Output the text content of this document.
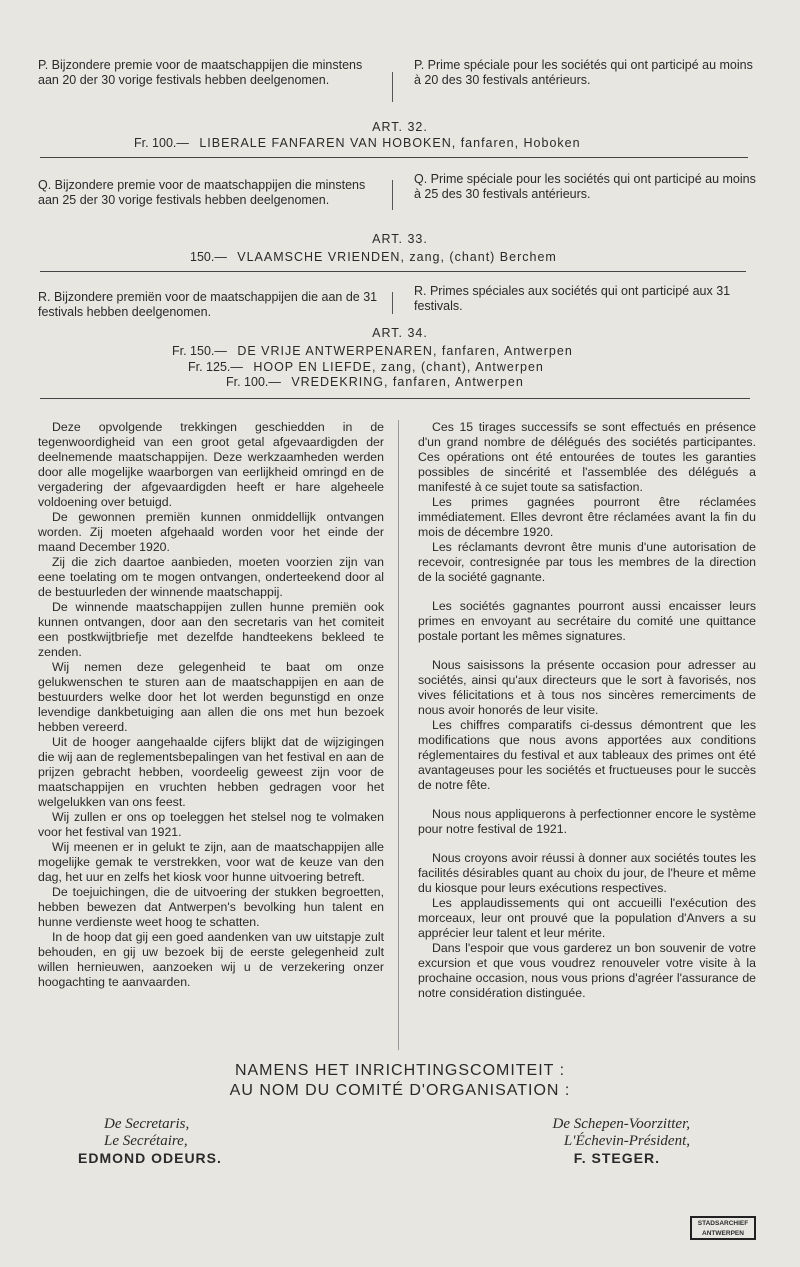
P. Bijzondere premie voor de maatschappijen die minstens aan 20 der 30 vorige festivals hebben deelgenomen.
P. Prime spéciale pour les sociétés qui ont participé au moins à 20 des 30 festivals antérieurs.
ART. 32.
Fr. 100.— LIBERALE FANFAREN VAN HOBOKEN, fanfaren, Hoboken
Q. Bijzondere premie voor de maatschappijen die minstens aan 25 der 30 vorige festivals hebben deelgenomen.
Q. Prime spéciale pour les sociétés qui ont participé au moins à 25 des 30 festivals antérieurs.
ART. 33.
150.— VLAAMSCHE VRIENDEN, zang, (chant) Berchem
R. Bijzondere premiën voor de maatschappijen die aan de 31 festivals hebben deelgenomen.
R. Primes spéciales aux sociétés qui ont participé aux 31 festivals.
ART. 34.
Fr. 150.— DE VRIJE ANTWERPENAREN, fanfaren, Antwerpen
Fr. 125.— HOOP EN LIEFDE, zang, (chant), Antwerpen
Fr. 100.— VREDEKRING, fanfaren, Antwerpen

Deze opvolgende trekkingen geschiedden in de tegenwoordigheid van een groot getal afgevaardigden der deelnemende maatschappijen. Deze werkzaamheden werden door alle mogelijke waarborgen van eerlijkheid omringd en de vergadering der afgevaardigden heeft er hare algeheele voldoening over betuigd.

De gewonnen premiën kunnen onmiddellijk ontvangen worden. Zij moeten afgehaald worden voor het einde der maand December 1920.

Zij die zich daartoe aanbieden, moeten voorzien zijn van eene toelating om te mogen ontvangen, onderteekend door al de bestuurleden der winnende maatschappij.

De winnende maatschappijen zullen hunne premiën ook kunnen ontvangen, door aan den secretaris van het comiteit een postkwijtbriefje met dezelfde handteekens bekleed te zenden.

Wij nemen deze gelegenheid te baat om onze gelukwenschen te sturen aan de maatschappijen en aan de bestuurders welke door het lot werden begunstigd en onze levendige dankbetuiging aan allen die ons met hun bezoek hebben vereerd.

Uit de hooger aangehaalde cijfers blijkt dat de wijzigingen die wij aan de reglementsbepalingen van het festival en aan de prijzen gebracht hebben, voordeelig geweest zijn voor de maatschappijen en vruchten hebben gedragen voor het welgelukken van ons feest.

Wij zullen er ons op toeleggen het stelsel nog te volmaken voor het festival van 1921.

Wij meenen er in gelukt te zijn, aan de maatschappijen alle mogelijke gemak te verstrekken, voor wat de keuze van den dag, het uur en zelfs het kiosk voor hunne uitvoering betreft.

De toejuichingen, die de uitvoering der stukken begroetten, hebben bewezen dat Antwerpen's bevolking hun talent en hunne verdienste weet hoog te schatten.

In de hoop dat gij een goed aandenken van uw uitstapje zult behouden, en gij uw bezoek bij de eerste gelegenheid zult willen hernieuwen, aanzoeken wij u de verzekering onzer hoogachting te aanvaarden.

Ces 15 tirages successifs se sont effectués en présence d'un grand nombre de délégués des sociétés participantes. Ces opérations ont été entourées de toutes les garanties possibles de sincérité et l'assemblée des délégués a manifesté à ce sujet toute sa satisfaction.

Les primes gagnées pourront être réclamées immédiatement. Elles devront être réclamées avant la fin du mois de décembre 1920.

Les réclamants devront être munis d'une autorisation de recevoir, contresignée par tous les membres de la direction de la société gagnante.

Les sociétés gagnantes pourront aussi encaisser leurs primes en envoyant au secrétaire du comité une quittance postale portant les mêmes signatures.

Nous saisissons la présente occasion pour adresser au sociétés, ainsi qu'aux directeurs que le sort à favorisés, nos vives félicitations et à tous nos sincères remerciments de nous avoir honorés de leur visite.

Les chiffres comparatifs ci-dessus démontrent que les modifications que nous avons apportées aux conditions réglementaires du festival et aux tableaux des primes ont été avantageuses pour les sociétés et fructueuses pour le succès de notre fête.

Nous nous appliquerons à perfectionner encore le système pour notre festival de 1921.

Nous croyons avoir réussi à donner aux sociétés toutes les facilités désirables quant au choix du jour, de l'heure et même du kiosque pour leurs exécutions respectives.

Les applaudissements qui ont accueilli l'exécution des morceaux, leur ont prouvé que la population d'Anvers a su apprécier leur talent et leur mérite.

Dans l'espoir que vous garderez un bon souvenir de votre excursion et que vous voudrez renouveler votre visite à la prochaine occasion, nous vous prions d'agréer l'assurance de notre considération distinguée.

NAMENS HET INRICHTINGSCOMITEIT :
AU NOM DU COMITÉ D'ORGANISATION :
De Secretaris,
Le Secrétaire,
EDMOND ODEURS.
De Schepen-Voorzitter,
L'Échevin-Président,
F. STEGER.
STADSARCHIEF
ANTWERPEN
